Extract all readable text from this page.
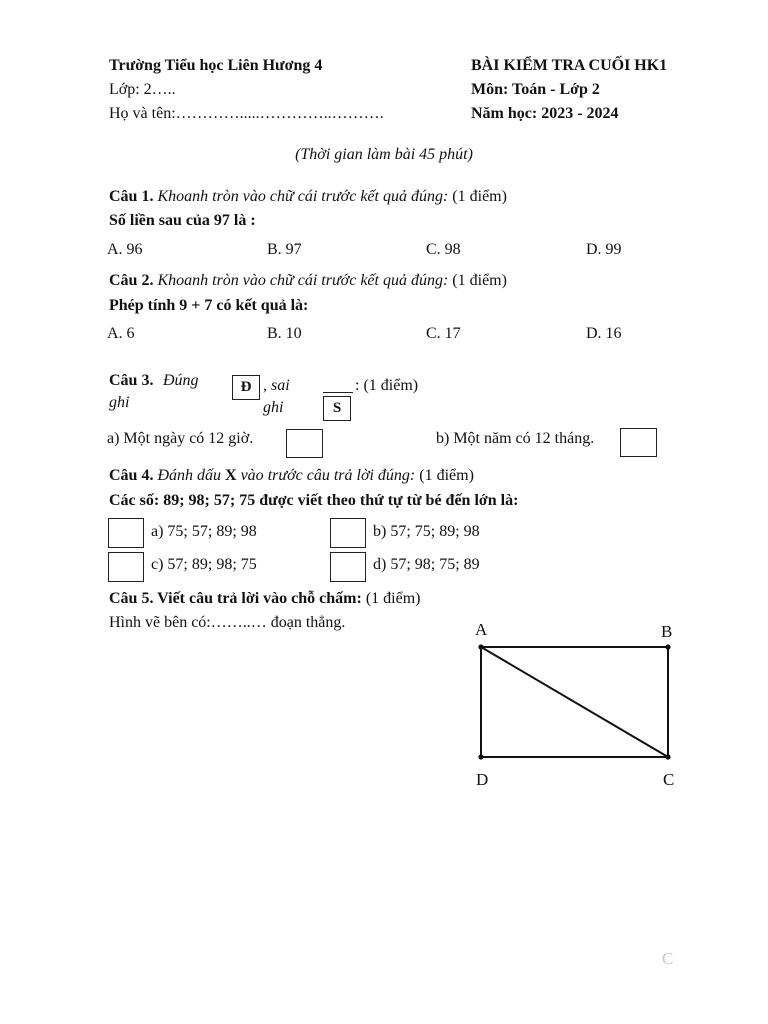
Trường Tiểu học Liên Hương 4
Lớp: 2…..
Họ và tên:………….....…………..……….
BÀI KIỂM TRA CUỐI HK1
Môn: Toán - Lớp 2
Năm học: 2023 - 2024
(Thời gian làm bài 45 phút)
Câu 1. Khoanh tròn vào chữ cái trước kết quả đúng: (1 điểm)
Số liền sau của 97 là :
A. 96	B. 97	C. 98	D. 99
Câu 2. Khoanh tròn vào chữ cái trước kết quả đúng: (1 điểm)
Phép tính 9 + 7 có kết quả là:
A. 6	B. 10	C. 17	D. 16
Câu 3. Đúng
ghi
Đ , sai
ghi	S
: (1 điểm)
a) Một ngày có 12 giờ.	b) Một năm có 12 tháng.
Câu 4. Đánh dấu X vào trước câu trả lời đúng: (1 điểm)
Các số: 89; 98; 57; 75 được viết theo thứ tự từ bé đến lớn là:
a) 75; 57; 89; 98	b) 57; 75; 89; 98
c) 57; 89; 98; 75	d) 57; 98; 75; 89
Câu 5. Viết câu trả lời vào chỗ chấm: (1 điểm)
Hình vẽ bên có:……..… đoạn thẳng.	A	B
C
D
C
